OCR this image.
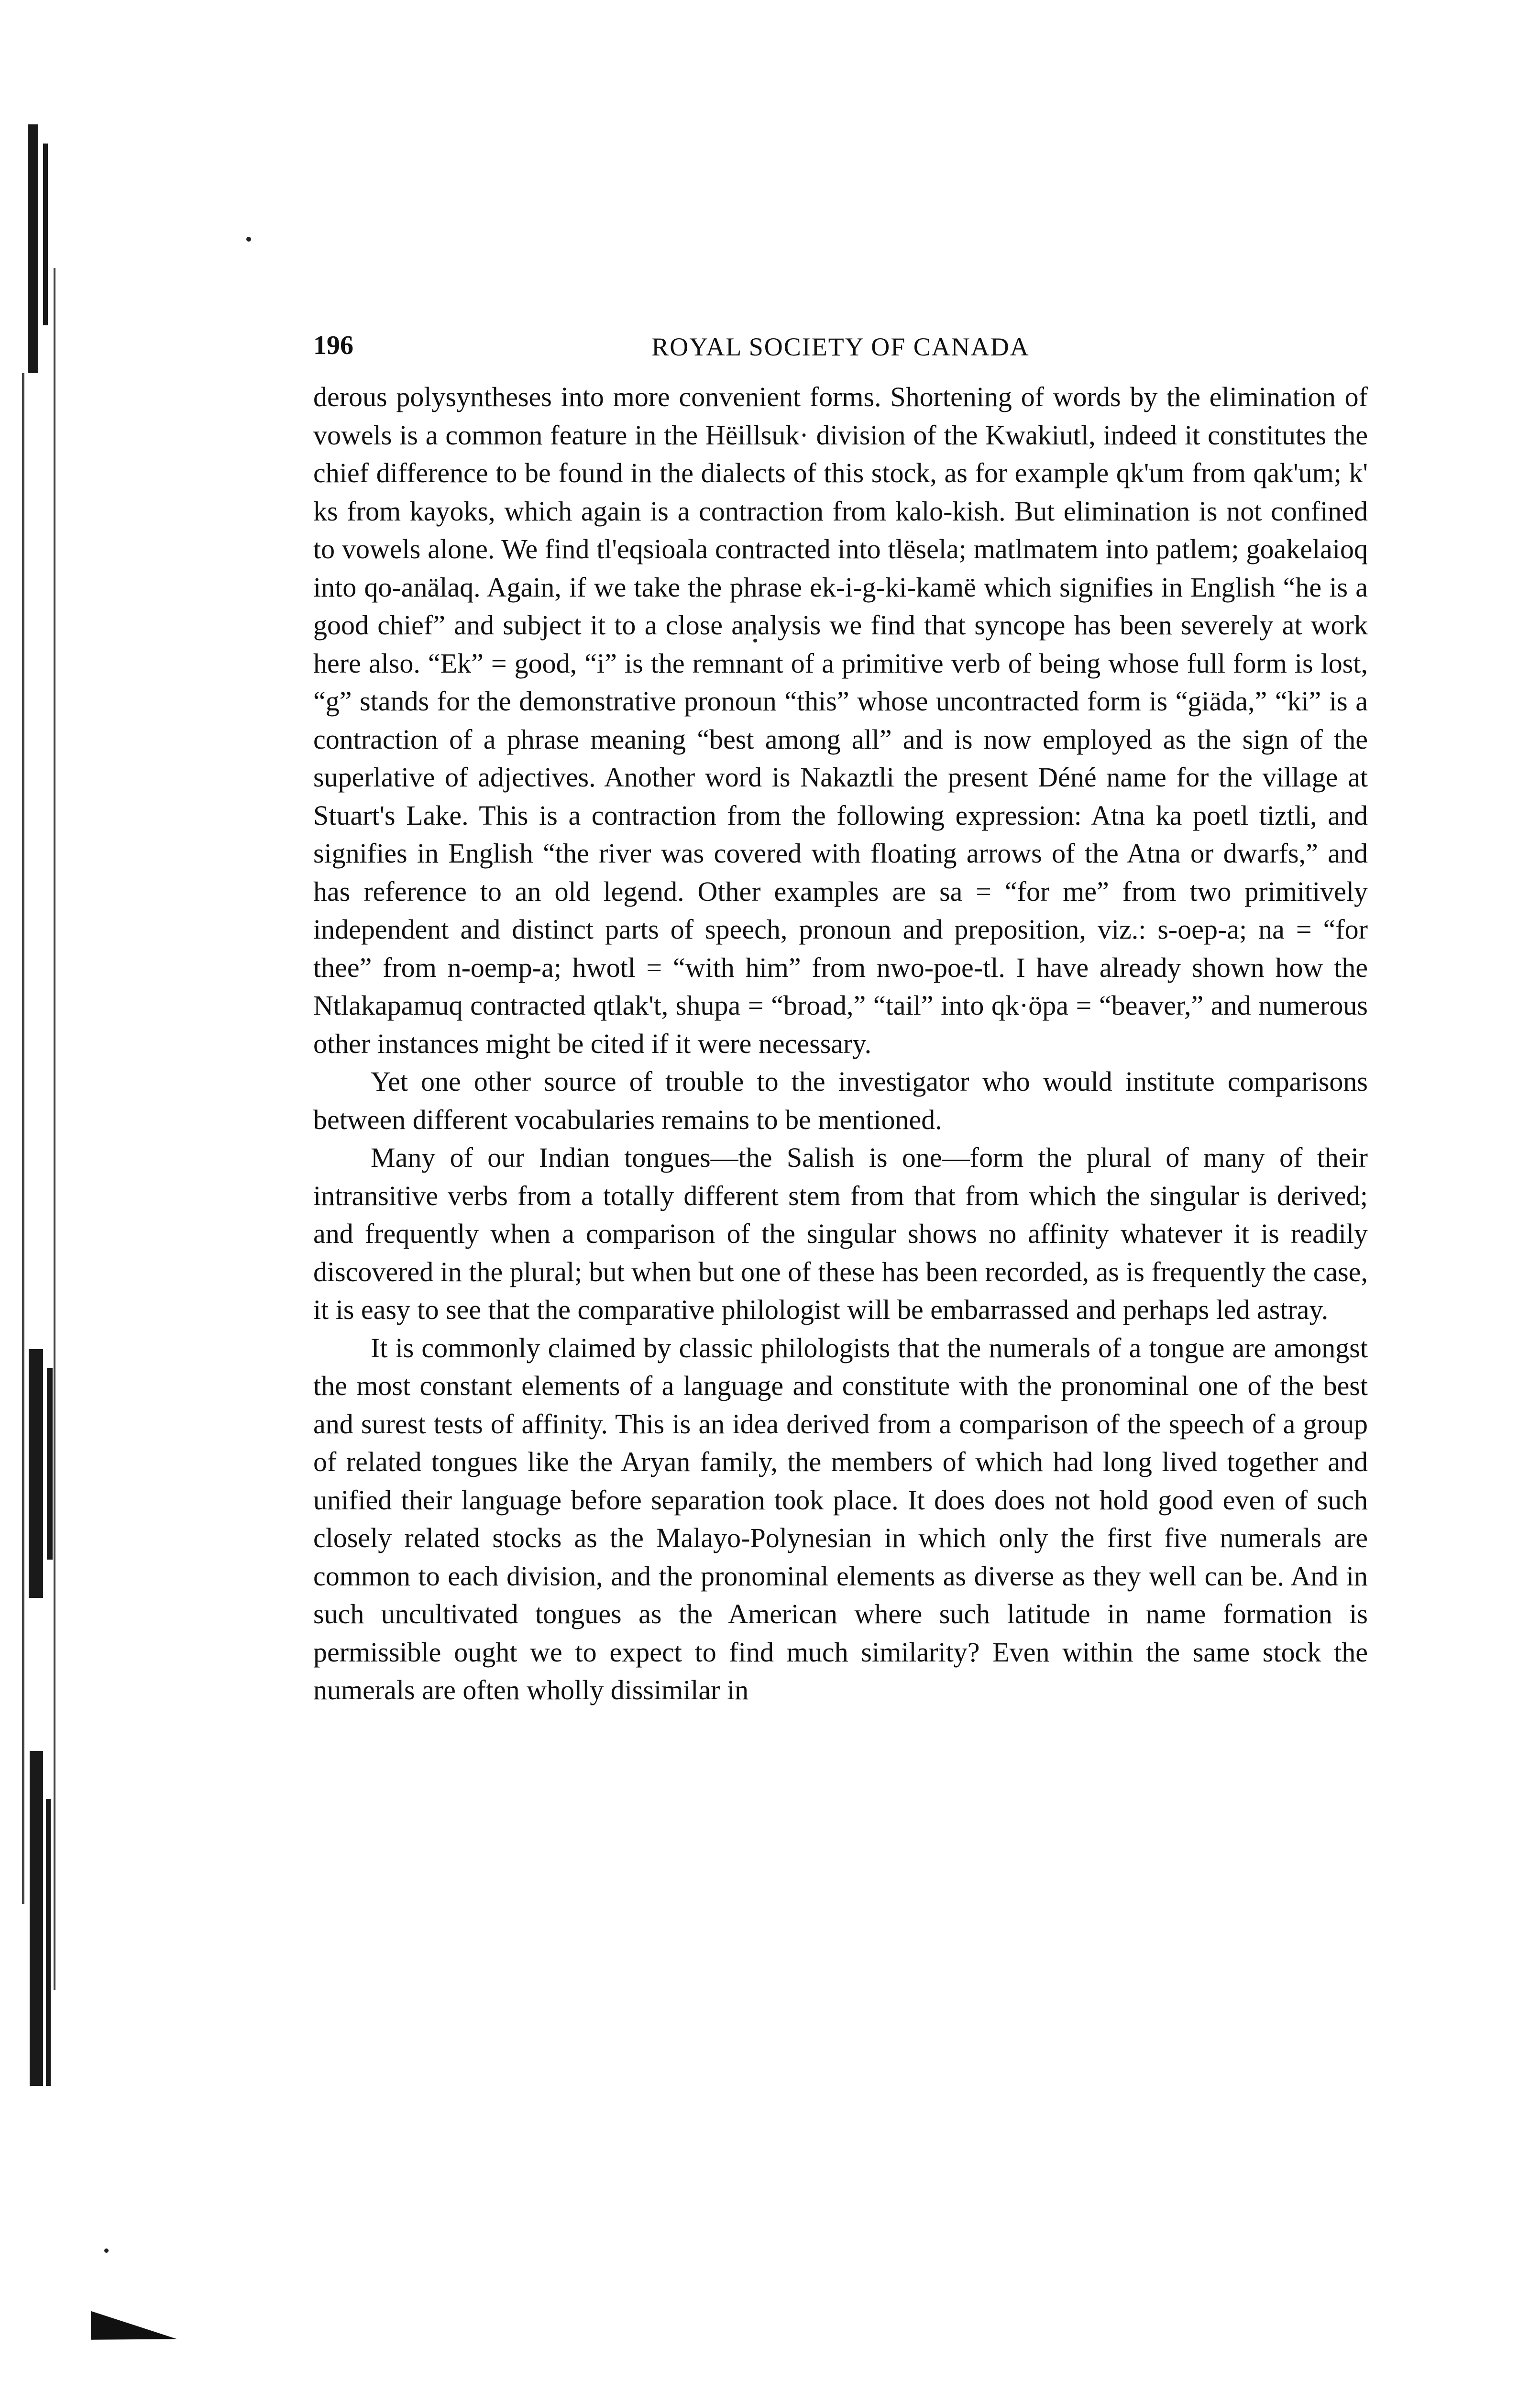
196	ROYAL SOCIETY OF CANADA

derous polysyntheses into more convenient forms. Shortening of words by the elimination of vowels is a common feature in the Hëillsuk· division of the Kwakiutl, indeed it constitutes the chief difference to be found in the dialects of this stock, as for example qk'um from qak'um; k' ks from kayoks, which again is a contraction from kalo-kish. But elimination is not confined to vowels alone. We find tl'eqsioala contracted into tlësela; matlmatem into patlem; goakelaioq into qo-anälaq. Again, if we take the phrase ek-i-g-ki-kamë which signifies in English “he is a good chief” and subject it to a close analysis we find that syncope has been severely at work here also. “Ek” = good, “i” is the remnant of a primitive verb of being whose full form is lost, “g” stands for the demonstrative pronoun “this” whose uncontracted form is “giäda,” “ki” is a contraction of a phrase meaning “best among all” and is now employed as the sign of the superlative of adjectives. Another word is Nakaztli the present Déné name for the village at Stuart's Lake. This is a contraction from the following expression: Atna ka poetl tiztli, and signifies in English “the river was covered with floating arrows of the Atna or dwarfs,” and has reference to an old legend. Other examples are sa = “for me” from two primitively independent and distinct parts of speech, pronoun and preposition, viz.: s-oep-a; na = “for thee” from n-oemp-a; hwotl = “with him” from nwo-poe-tl. I have already shown how the Ntlakapamuq contracted qtlak't, shupa = “broad,” “tail” into qk·öpa = “beaver,” and numerous other instances might be cited if it were necessary.

Yet one other source of trouble to the investigator who would institute comparisons between different vocabularies remains to be mentioned.

Many of our Indian tongues—the Salish is one—form the plural of many of their intransitive verbs from a totally different stem from that from which the singular is derived; and frequently when a comparison of the singular shows no affinity whatever it is readily discovered in the plural; but when but one of these has been recorded, as is frequently the case, it is easy to see that the comparative philologist will be embarrassed and perhaps led astray.

It is commonly claimed by classic philologists that the numerals of a tongue are amongst the most constant elements of a language and constitute with the pronominal one of the best and surest tests of affinity. This is an idea derived from a comparison of the speech of a group of related tongues like the Aryan family, the members of which had long lived together and unified their language before separation took place. It does does not hold good even of such closely related stocks as the Malayo-Polynesian in which only the first five numerals are common to each division, and the pronominal elements as diverse as they well can be. And in such uncultivated tongues as the American where such latitude in name formation is permissible ought we to expect to find much similarity? Even within the same stock the numerals are often wholly dissimilar in
